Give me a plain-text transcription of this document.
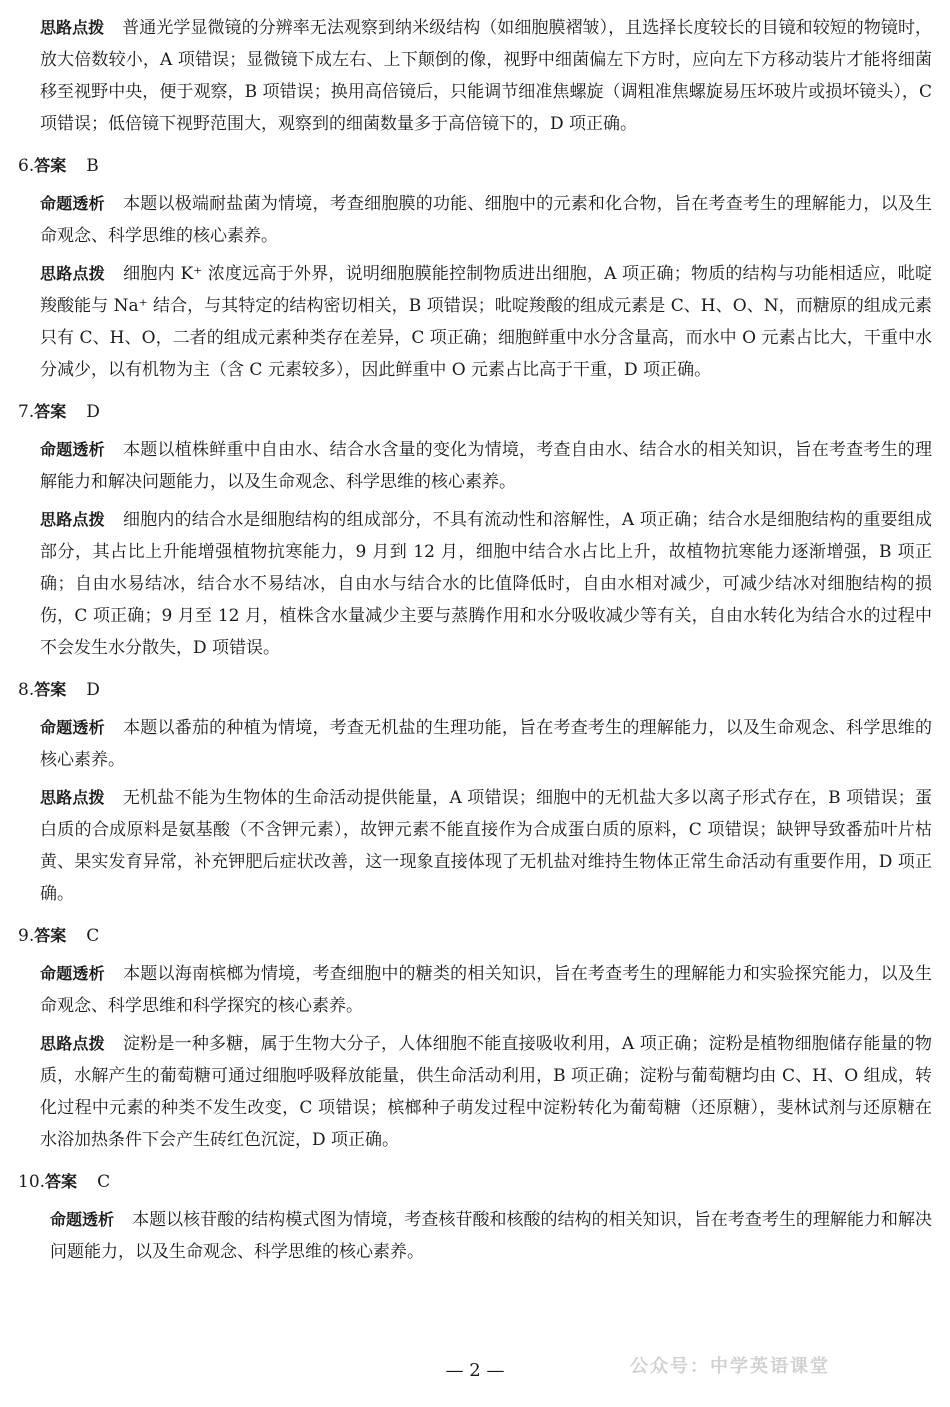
思路点拨 普通光学显微镜的分辨率无法观察到纳米级结构（如细胞膜褶皱），且选择长度较长的目镜和较短的物镜时，放大倍数较小，A 项错误；显微镜下成左右、上下颠倒的像，视野中细菌偏左下方时，应向左下方移动装片才能将细菌移至视野中央，便于观察，B 项错误；换用高倍镜后，只能调节细准焦螺旋（调粗准焦螺旋易压坏玻片或损坏镜头），C 项错误；低倍镜下视野范围大，观察到的细菌数量多于高倍镜下的，D 项正确。

6.答案 B

命题透析 本题以极端耐盐菌为情境，考查细胞膜的功能、细胞中的元素和化合物，旨在考查考生的理解能力，以及生命观念、科学思维的核心素养。

思路点拨 细胞内 K⁺ 浓度远高于外界，说明细胞膜能控制物质进出细胞，A 项正确；物质的结构与功能相适应，吡啶羧酸能与 Na⁺ 结合，与其特定的结构密切相关，B 项错误；吡啶羧酸的组成元素是 C、H、O、N，而糖原的组成元素只有 C、H、O，二者的组成元素种类存在差异，C 项正确；细胞鲜重中水分含量高，而水中 O 元素占比大，干重中水分减少，以有机物为主（含 C 元素较多），因此鲜重中 O 元素占比高于干重，D 项正确。

7.答案 D

命题透析 本题以植株鲜重中自由水、结合水含量的变化为情境，考查自由水、结合水的相关知识，旨在考查考生的理解能力和解决问题能力，以及生命观念、科学思维的核心素养。

思路点拨 细胞内的结合水是细胞结构的组成部分，不具有流动性和溶解性，A 项正确；结合水是细胞结构的重要组成部分，其占比上升能增强植物抗寒能力，9 月到 12 月，细胞中结合水占比上升，故植物抗寒能力逐渐增强，B 项正确；自由水易结冰，结合水不易结冰，自由水与结合水的比值降低时，自由水相对减少，可减少结冰对细胞结构的损伤，C 项正确；9 月至 12 月，植株含水量减少主要与蒸腾作用和水分吸收减少等有关，自由水转化为结合水的过程中不会发生水分散失，D 项错误。

8.答案 D

命题透析 本题以番茄的种植为情境，考查无机盐的生理功能，旨在考查考生的理解能力，以及生命观念、科学思维的核心素养。

思路点拨 无机盐不能为生物体的生命活动提供能量，A 项错误；细胞中的无机盐大多以离子形式存在，B 项错误；蛋白质的合成原料是氨基酸（不含钾元素），故钾元素不能直接作为合成蛋白质的原料，C 项错误；缺钾导致番茄叶片枯黄、果实发育异常，补充钾肥后症状改善，这一现象直接体现了无机盐对维持生物体正常生命活动有重要作用，D 项正确。

9.答案 C

命题透析 本题以海南槟榔为情境，考查细胞中的糖类的相关知识，旨在考查考生的理解能力和实验探究能力，以及生命观念、科学思维和科学探究的核心素养。

思路点拨 淀粉是一种多糖，属于生物大分子，人体细胞不能直接吸收利用，A 项正确；淀粉是植物细胞储存能量的物质，水解产生的葡萄糖可通过细胞呼吸释放能量，供生命活动利用，B 项正确；淀粉与葡萄糖均由 C、H、O 组成，转化过程中元素的种类不发生改变，C 项错误；槟榔种子萌发过程中淀粉转化为葡萄糖（还原糖），斐林试剂与还原糖在水浴加热条件下会产生砖红色沉淀，D 项正确。

10.答案 C

命题透析 本题以核苷酸的结构模式图为情境，考查核苷酸和核酸的结构的相关知识，旨在考查考生的理解能力和解决问题能力，以及生命观念、科学思维的核心素养。

— 2 —	公众号：中学英语课堂
